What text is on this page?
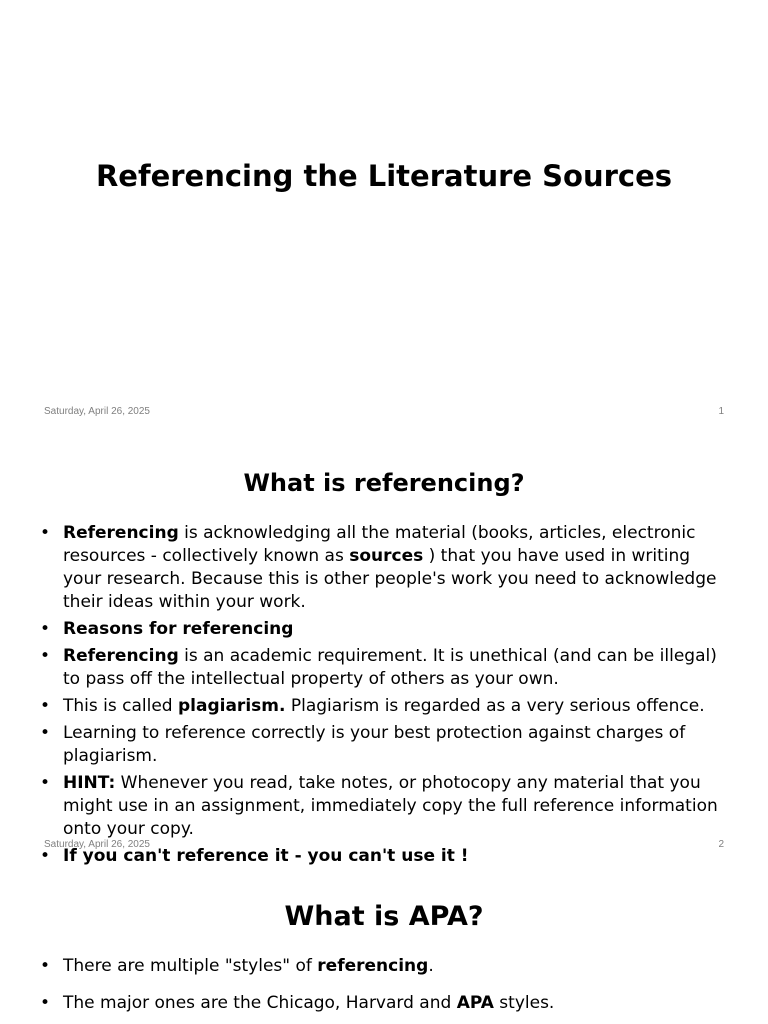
Referencing the Literature Sources
Saturday, April 26, 2025	1
What is referencing?
• Referencing is acknowledging all the material (books, articles, electronic resources - collectively known as sources ) that you have used in writing your research. Because this is other people's work you need to acknowledge their ideas within your work.
• Reasons for referencing
• Referencing is an academic requirement. It is unethical (and can be illegal) to pass off the intellectual property of others as your own.
• This is called plagiarism. Plagiarism is regarded as a very serious offence.
• Learning to reference correctly is your best protection against charges of plagiarism.
• HINT: Whenever you read, take notes, or photocopy any material that you might use in an assignment, immediately copy the full reference information onto your copy.
• If you can't reference it - you can't use it !
Saturday, April 26, 2025	2
What is APA?
• There are multiple "styles" of referencing.
• The major ones are the Chicago, Harvard and APA styles.
